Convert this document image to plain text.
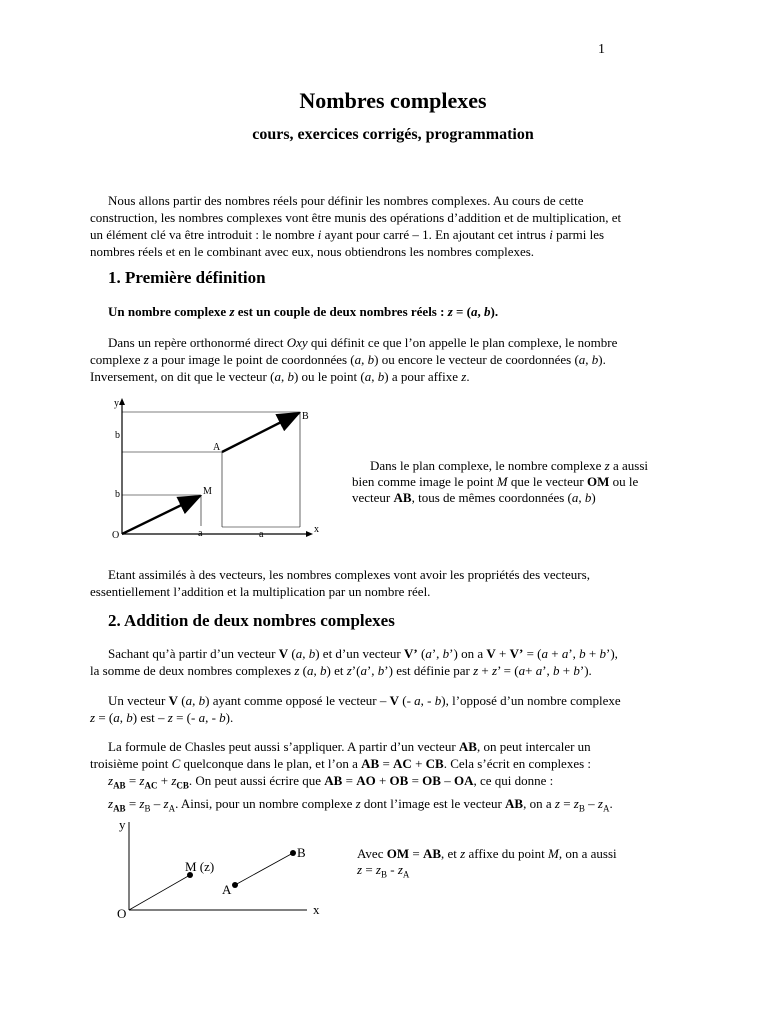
1
Nombres complexes
cours, exercices corrigés, programmation
Nous allons partir des nombres réels pour définir les nombres complexes. Au cours de cette
construction, les nombres complexes vont être munis des opérations d’addition et de multiplication, et
un élément clé va être introduit : le nombre i ayant pour carré – 1. En ajoutant cet intrus i parmi les
nombres réels et en le combinant avec eux, nous obtiendrons les nombres complexes.
1. Première définition
Un nombre complexe z est un couple de deux nombres réels : z = (a, b).
Dans un repère orthonormé direct Oxy qui définit ce que l’on appelle le plan complexe, le nombre
complexe z a pour image le point de coordonnées (a, b) ou encore le vecteur de coordonnées (a, b).
Inversement, on dit que le vecteur (a, b) ou le point (a, b) a pour affixe z.
y
x
O
b
b
a	a
A
B
M
Dans le plan complexe, le nombre complexe z a aussi
bien comme image le point M que le vecteur OM ou le
vecteur AB, tous de mêmes coordonnées (a, b)
Etant assimilés à des vecteurs, les nombres complexes vont avoir les propriétés des vecteurs,
essentiellement l’addition et la multiplication par un nombre réel.
2. Addition de deux nombres complexes
Sachant qu’à partir d’un vecteur V (a, b) et d’un vecteur V’ (a’, b’) on a V + V’ = (a + a’, b + b’),
la somme de deux nombres complexes z (a, b) et z’(a’, b’) est définie par z + z’ = (a+ a’, b + b’).
Un vecteur V (a, b) ayant comme opposé le vecteur – V (- a, - b), l’opposé d’un nombre complexe
z = (a, b) est – z = (- a, - b).
La formule de Chasles peut aussi s’appliquer. A partir d’un vecteur AB, on peut intercaler un
troisième point C quelconque dans le plan, et l’on a AB = AC + CB. Cela s’écrit en complexes :
$z_{AB} = z_{AC} + z_{CB}$. On peut aussi écrire que AB = AO + OB = OB – OA, ce qui donne :
$z_{AB} = z_B - z_A$. Ainsi, pour un nombre complexe z dont l’image est le vecteur AB, on a $z = z_B - z_A$.
y
x
O
M (z)
A
B	Avec OM = AB, et z affixe du point M, on a aussi
$z = z_B - z_A$
